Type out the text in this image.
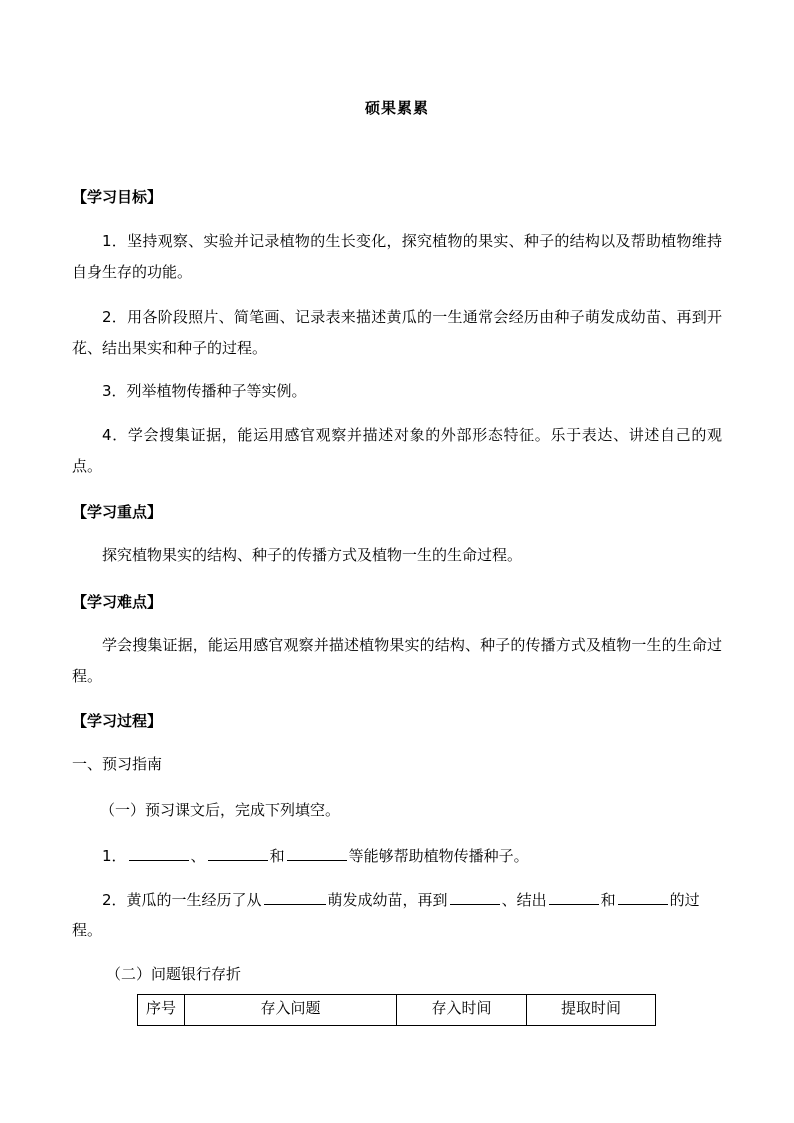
硕果累累
【学习目标】
1．坚持观察、实验并记录植物的生长变化，探究植物的果实、种子的结构以及帮助植物维持自身生存的功能。
2．用各阶段照片、简笔画、记录表来描述黄瓜的一生通常会经历由种子萌发成幼苗、再到开花、结出果实和种子的过程。
3．列举植物传播种子等实例。
4．学会搜集证据，能运用感官观察并描述对象的外部形态特征。乐于表达、讲述自己的观点。
【学习重点】
探究植物果实的结构、种子的传播方式及植物一生的生命过程。
【学习难点】
学会搜集证据，能运用感官观察并描述植物果实的结构、种子的传播方式及植物一生的生命过程。
【学习过程】
一、预习指南
（一）预习课文后，完成下列填空。
1．	、	和	等能够帮助植物传播种子。
2．黄瓜的一生经历了从	萌发成幼苗，再到	、结出	和	的过
程。
（二）问题银行存折
序号	存入问题	存入时间	提取时间
